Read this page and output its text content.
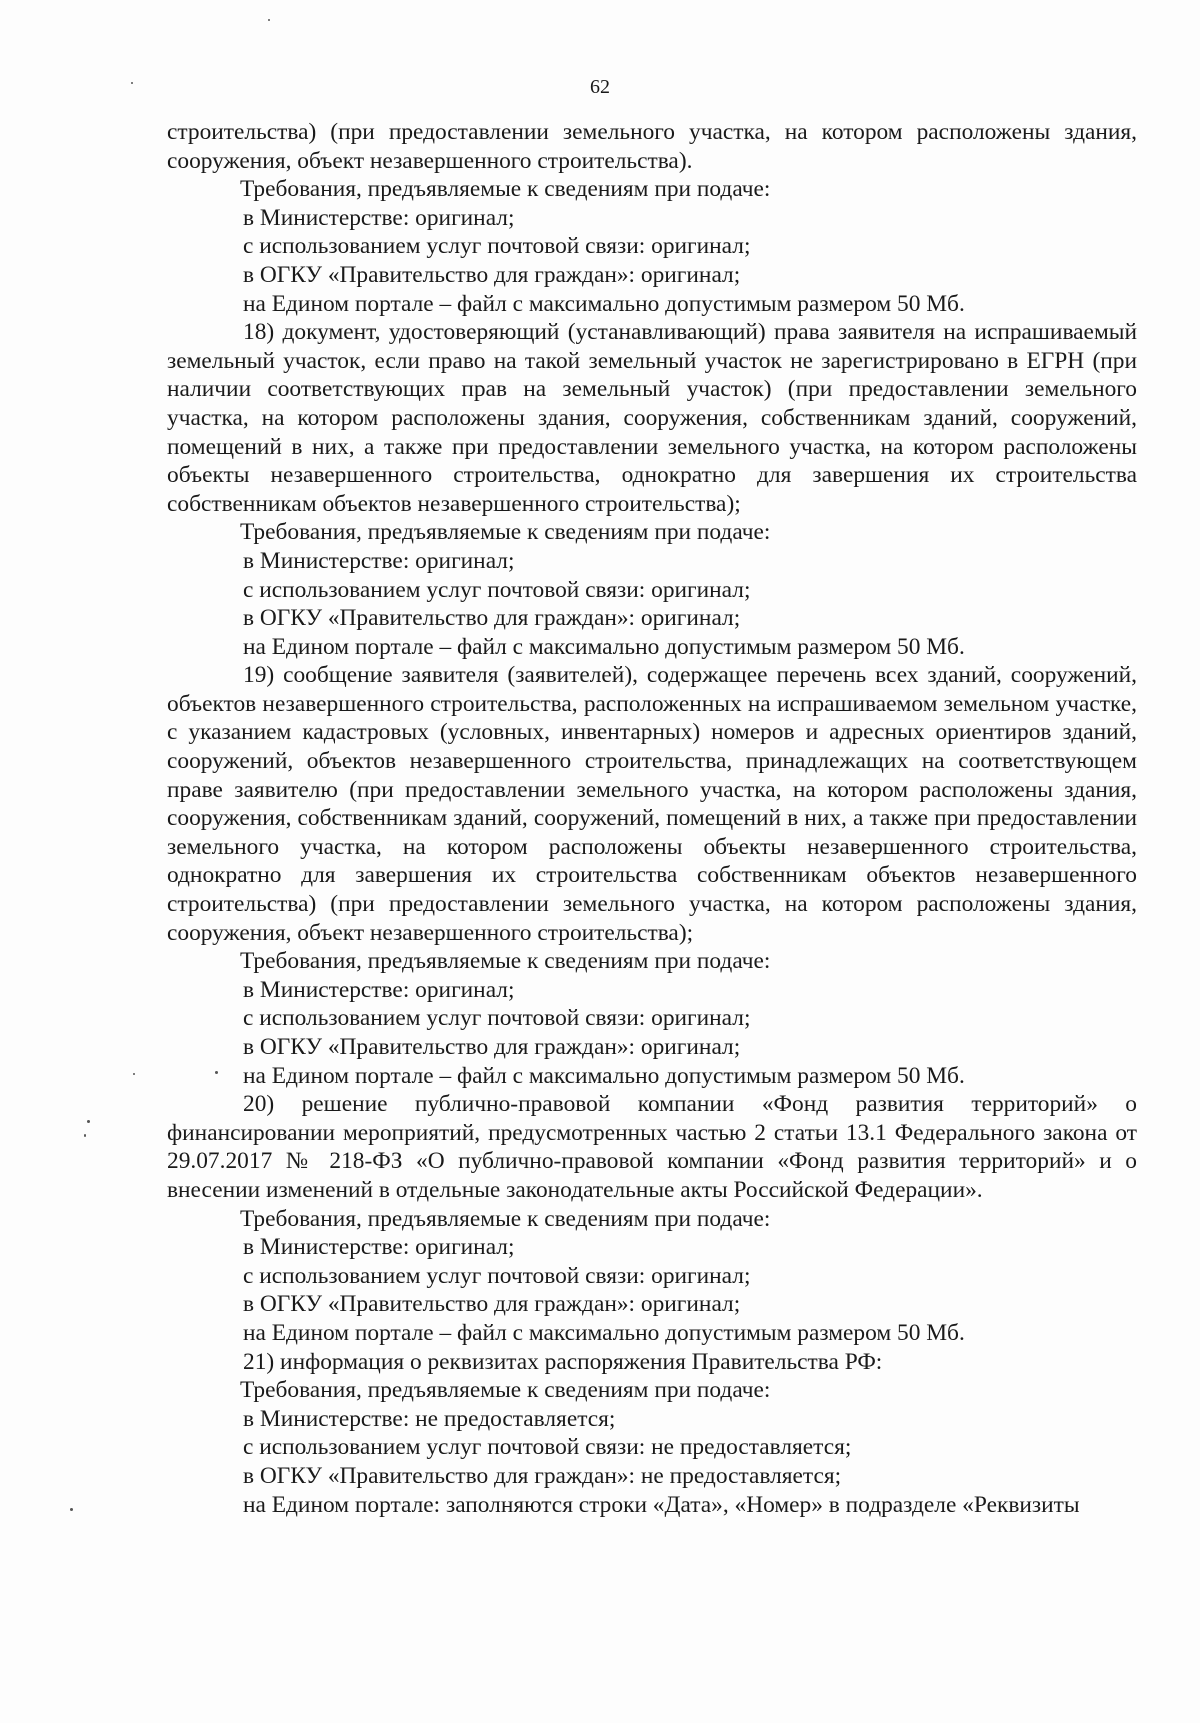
62

строительства) (при предоставлении земельного участка, на котором расположены здания, сооружения, объект незавершенного строительства).

Требования, предъявляемые к сведениям при подаче:

в Министерстве: оригинал;

с использованием услуг почтовой связи: оригинал;

в ОГКУ «Правительство для граждан»: оригинал;

на Едином портале – файл с максимально допустимым размером 50 Мб.

18) документ, удостоверяющий (устанавливающий) права заявителя на испрашиваемый земельный участок, если право на такой земельный участок не зарегистрировано в ЕГРН (при наличии соответствующих прав на земельный участок) (при предоставлении земельного участка, на котором расположены здания, сооружения, собственникам зданий, сооружений, помещений в них, а также при предоставлении земельного участка, на котором расположены объекты незавершенного строительства, однократно для завершения их строительства собственникам объектов незавершенного строительства);

Требования, предъявляемые к сведениям при подаче:

в Министерстве: оригинал;

с использованием услуг почтовой связи: оригинал;

в ОГКУ «Правительство для граждан»: оригинал;

на Едином портале – файл с максимально допустимым размером 50 Мб.

19) сообщение заявителя (заявителей), содержащее перечень всех зданий, сооружений, объектов незавершенного строительства, расположенных на испрашиваемом земельном участке, с указанием кадастровых (условных, инвентарных) номеров и адресных ориентиров зданий, сооружений, объектов незавершенного строительства, принадлежащих на соответствующем праве заявителю (при предоставлении земельного участка, на котором расположены здания, сооружения, собственникам зданий, сооружений, помещений в них, а также при предоставлении земельного участка, на котором расположены объекты незавершенного строительства, однократно для завершения их строительства собственникам объектов незавершенного строительства) (при предоставлении земельного участка, на котором расположены здания, сооружения, объект незавершенного строительства);

Требования, предъявляемые к сведениям при подаче:

в Министерстве: оригинал;

с использованием услуг почтовой связи: оригинал;

в ОГКУ «Правительство для граждан»: оригинал;

на Едином портале – файл с максимально допустимым размером 50 Мб.

20) решение публично-правовой компании «Фонд развития территорий» о финансировании мероприятий, предусмотренных частью 2 статьи 13.1 Федерального закона от 29.07.2017 № 218-ФЗ «О публично-правовой компании «Фонд развития территорий» и о внесении изменений в отдельные законодательные акты Российской Федерации».

Требования, предъявляемые к сведениям при подаче:

в Министерстве: оригинал;

с использованием услуг почтовой связи: оригинал;

в ОГКУ «Правительство для граждан»: оригинал;

на Едином портале – файл с максимально допустимым размером 50 Мб.

21) информация о реквизитах распоряжения Правительства РФ:

Требования, предъявляемые к сведениям при подаче:

в Министерстве: не предоставляется;

с использованием услуг почтовой связи: не предоставляется;

в ОГКУ «Правительство для граждан»: не предоставляется;

на Едином портале: заполняются строки «Дата», «Номер» в подразделе «Реквизиты
